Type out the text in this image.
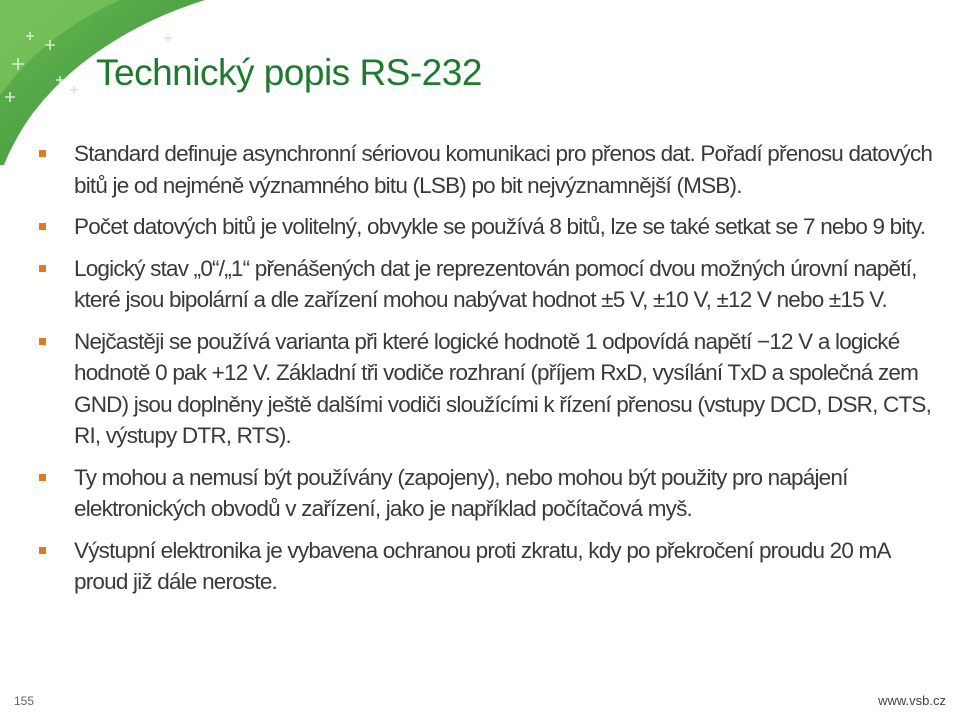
Technický popis RS-232
Standard definuje asynchronní sériovou komunikaci pro přenos dat. Pořadí přenosu datových bitů je od nejméně významného bitu (LSB) po bit nejvýznamnější (MSB).
Počet datových bitů je volitelný, obvykle se používá 8 bitů, lze se také setkat se 7 nebo 9 bity.
Logický stav „0“/„1“ přenášených dat je reprezentován pomocí dvou možných úrovní napětí, které jsou bipolární a dle zařízení mohou nabývat hodnot ±5 V, ±10 V, ±12 V nebo ±15 V.
Nejčastěji se používá varianta při které logické hodnotě 1 odpovídá napětí −12 V a logické hodnotě 0 pak +12 V. Základní tři vodiče rozhraní (příjem RxD, vysílání TxD a společná zem GND) jsou doplněny ještě dalšími vodiči sloužícími k řízení přenosu (vstupy DCD, DSR, CTS, RI, výstupy DTR, RTS).
Ty mohou a nemusí být používány (zapojeny), nebo mohou být použity pro napájení elektronických obvodů v zařízení, jako je například počítačová myš.
Výstupní elektronika je vybavena ochranou proti zkratu, kdy po překročení proudu 20 mA proud již dále neroste.
155	www.vsb.cz
